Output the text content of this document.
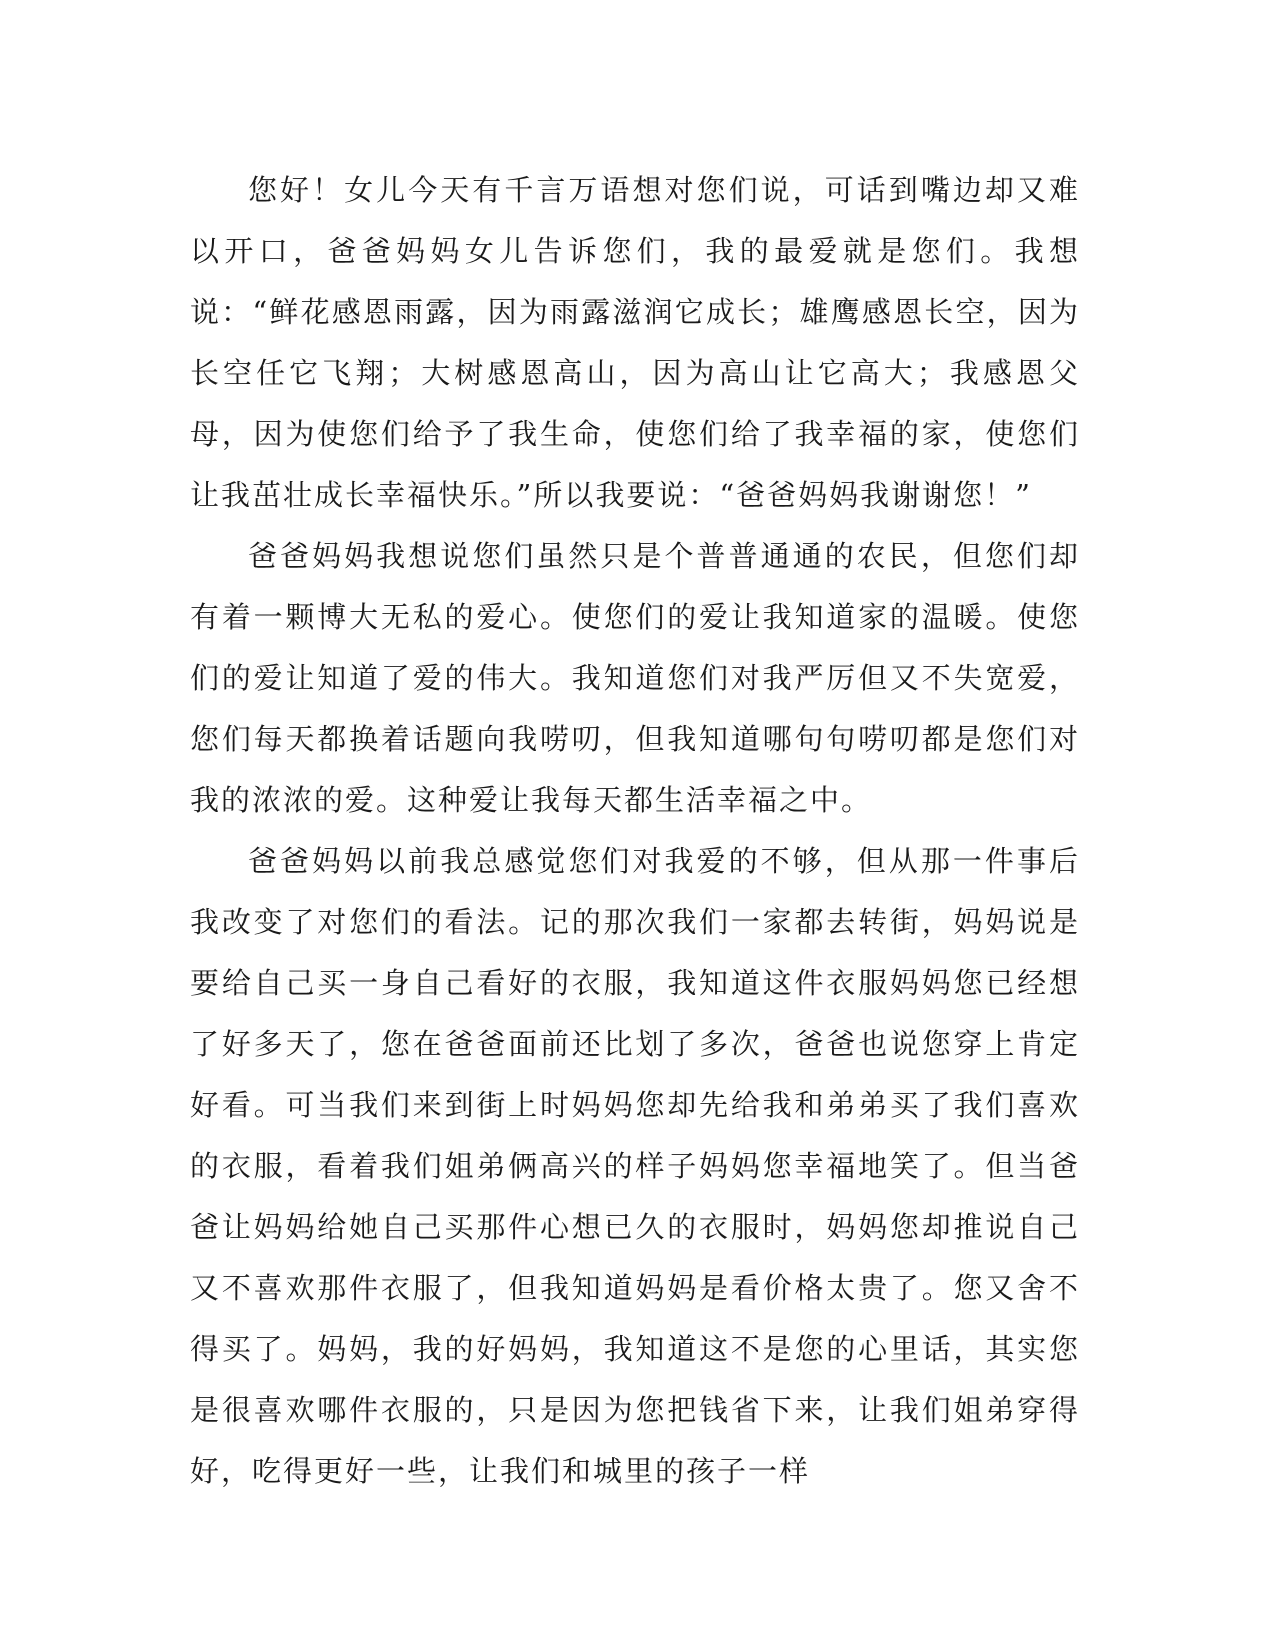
您好！女儿今天有千言万语想对您们说，可话到嘴边却又难以开口，爸爸妈妈女儿告诉您们，我的最爱就是您们。我想说：“鲜花感恩雨露，因为雨露滋润它成长；雄鹰感恩长空，因为长空任它飞翔；大树感恩高山，因为高山让它高大；我感恩父母，因为使您们给予了我生命，使您们给了我幸福的家，使您们让我茁壮成长幸福快乐。”所以我要说：“爸爸妈妈我谢谢您！”

爸爸妈妈我想说您们虽然只是个普普通通的农民，但您们却有着一颗博大无私的爱心。使您们的爱让我知道家的温暖。使您们的爱让知道了爱的伟大。我知道您们对我严厉但又不失宽爱，您们每天都换着话题向我唠叨，但我知道哪句句唠叨都是您们对我的浓浓的爱。这种爱让我每天都生活幸福之中。

爸爸妈妈以前我总感觉您们对我爱的不够，但从那一件事后我改变了对您们的看法。记的那次我们一家都去转街，妈妈说是要给自己买一身自己看好的衣服，我知道这件衣服妈妈您已经想了好多天了，您在爸爸面前还比划了多次，爸爸也说您穿上肯定好看。可当我们来到街上时妈妈您却先给我和弟弟买了我们喜欢的衣服，看着我们姐弟俩高兴的样子妈妈您幸福地笑了。但当爸爸让妈妈给她自己买那件心想已久的衣服时，妈妈您却推说自己又不喜欢那件衣服了，但我知道妈妈是看价格太贵了。您又舍不得买了。妈妈，我的好妈妈，我知道这不是您的心里话，其实您是很喜欢哪件衣服的，只是因为您把钱省下来，让我们姐弟穿得好，吃得更好一些，让我们和城里的孩子一样
